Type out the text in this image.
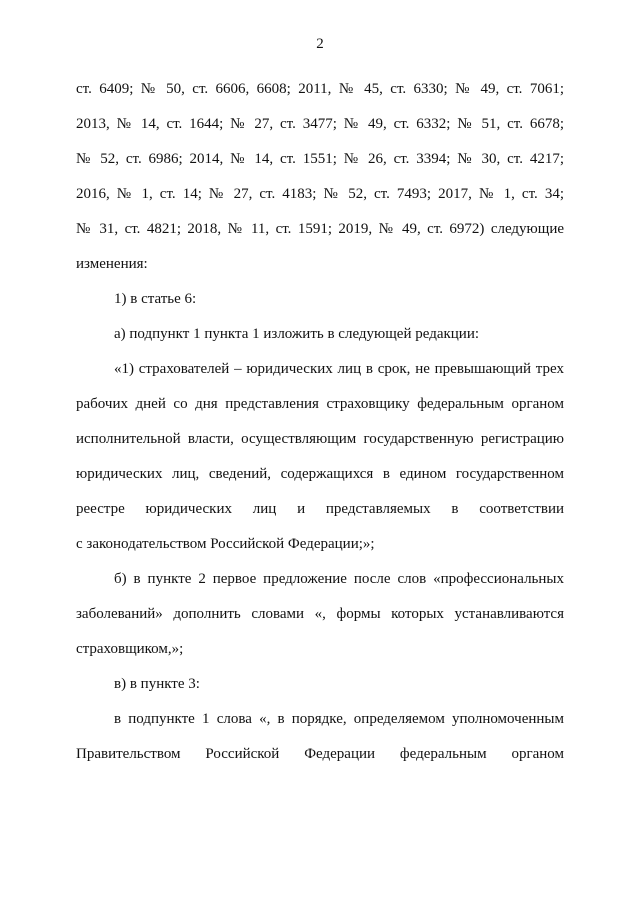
2
ст. 6409; № 50, ст. 6606, 6608; 2011, № 45, ст. 6330; № 49, ст. 7061;
2013, № 14, ст. 1644; № 27, ст. 3477; № 49, ст. 6332; № 51, ст. 6678;
№ 52, ст. 6986; 2014, № 14, ст. 1551; № 26, ст. 3394; № 30, ст. 4217;
2016, № 1, ст. 14; № 27, ст. 4183; № 52, ст. 7493; 2017, № 1, ст. 34;
№ 31, ст. 4821; 2018, № 11, ст. 1591; 2019, № 49, ст. 6972) следующие
изменения:
1) в статье 6:
а) подпункт 1 пункта 1 изложить в следующей редакции:
«1) страхователей – юридических лиц в срок, не превышающий трех
рабочих дней со дня представления страховщику федеральным органом
исполнительной власти, осуществляющим государственную регистрацию
юридических лиц, сведений, содержащихся в едином государственном
реестре юридических лиц и представляемых в соответствии
с законодательством Российской Федерации;»;
б) в пункте 2 первое предложение после слов «профессиональных
заболеваний» дополнить словами «, формы которых устанавливаются
страховщиком,»;
в) в пункте 3:
в подпункте 1 слова «, в порядке, определяемом уполномоченным
Правительством Российской Федерации федеральным органом
